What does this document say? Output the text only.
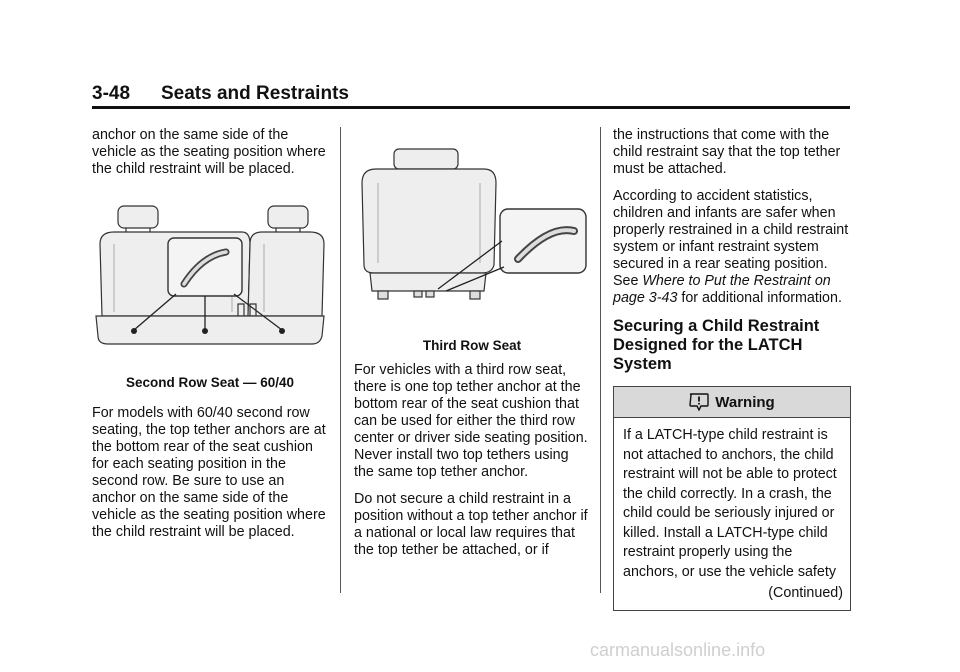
3-48 Seats and Restraints

anchor on the same side of the vehicle as the seating position where the child restraint will be placed.

Second Row Seat — 60/40

For models with 60/40 second row seating, the top tether anchors are at the bottom rear of the seat cushion for each seating position in the second row. Be sure to use an anchor on the same side of the vehicle as the seating position where the child restraint will be placed.

Third Row Seat

For vehicles with a third row seat, there is one top tether anchor at the bottom rear of the seat cushion that can be used for either the third row center or driver side seating position. Never install two top tethers using the same top tether anchor.

Do not secure a child restraint in a position without a top tether anchor if a national or local law requires that the top tether be attached, or if

the instructions that come with the child restraint say that the top tether must be attached.

According to accident statistics, children and infants are safer when properly restrained in a child restraint system or infant restraint system secured in a rear seating position. See Where to Put the Restraint on page 3-43 for additional information.

Securing a Child Restraint Designed for the LATCH System
Warning
If a LATCH-type child restraint is not attached to anchors, the child restraint will not be able to protect the child correctly. In a crash, the child could be seriously injured or killed. Install a LATCH-type child restraint properly using the anchors, or use the vehicle safety
(Continued)
carmanualsonline.info
